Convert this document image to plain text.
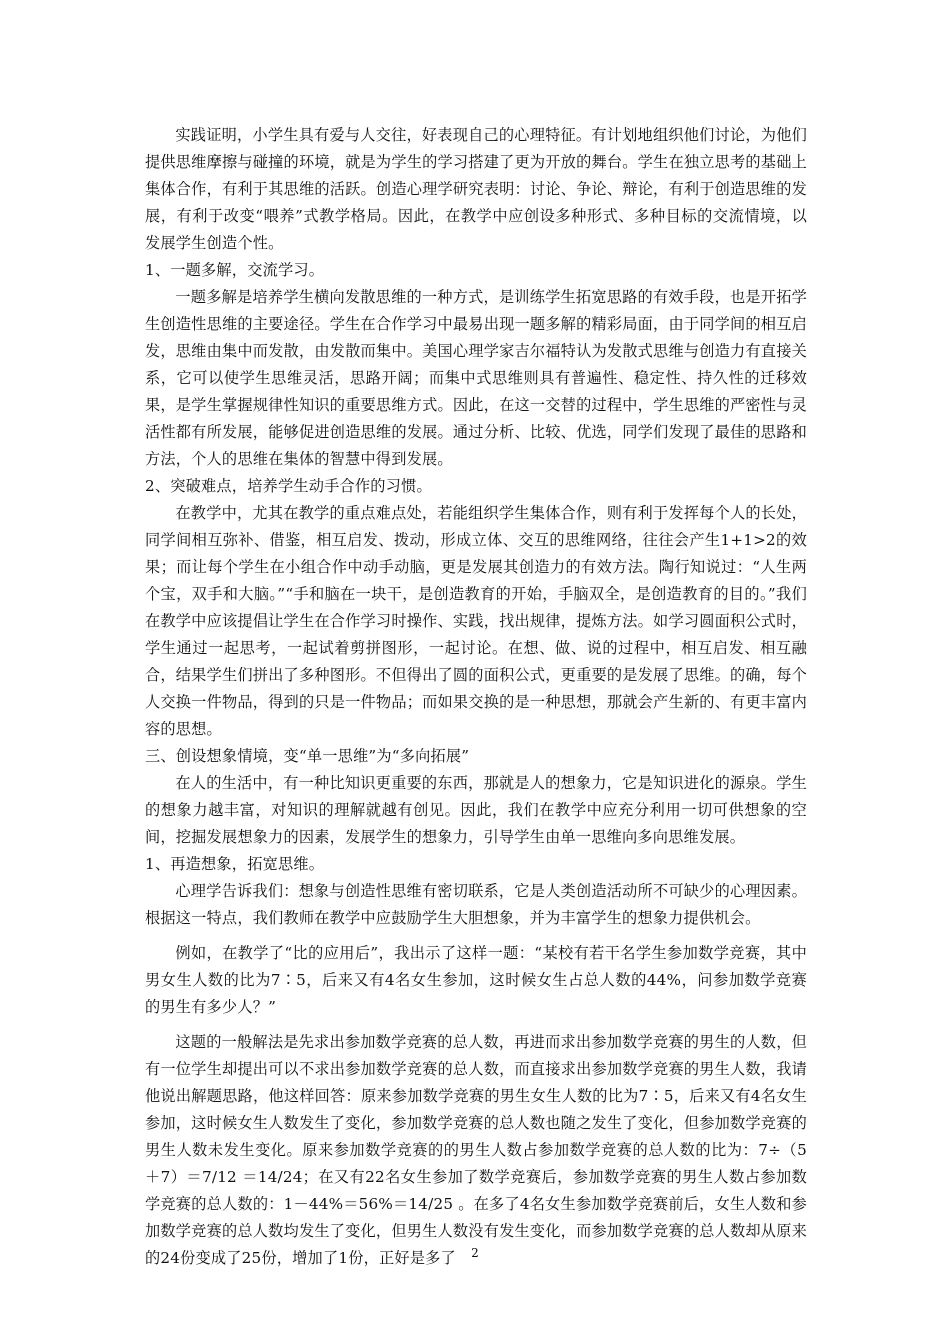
实践证明，小学生具有爱与人交往，好表现自己的心理特征。有计划地组织他们讨论，为他们提供思维摩擦与碰撞的环境，就是为学生的学习搭建了更为开放的舞台。学生在独立思考的基础上集体合作，有利于其思维的活跃。创造心理学研究表明：讨论、争论、辩论，有利于创造思维的发展，有利于改变“喂养”式教学格局。因此，在教学中应创设多种形式、多种目标的交流情境，以发展学生创造个性。

1、一题多解，交流学习。

一题多解是培养学生横向发散思维的一种方式，是训练学生拓宽思路的有效手段，也是开拓学生创造性思维的主要途径。学生在合作学习中最易出现一题多解的精彩局面，由于同学间的相互启发，思维由集中而发散，由发散而集中。美国心理学家吉尔福特认为发散式思维与创造力有直接关系，它可以使学生思维灵活，思路开阔；而集中式思维则具有普遍性、稳定性、持久性的迁移效果，是学生掌握规律性知识的重要思维方式。因此，在这一交替的过程中，学生思维的严密性与灵活性都有所发展，能够促进创造思维的发展。通过分析、比较、优选，同学们发现了最佳的思路和方法，个人的思维在集体的智慧中得到发展。

2、突破难点，培养学生动手合作的习惯。

在教学中，尤其在教学的重点难点处，若能组织学生集体合作，则有利于发挥每个人的长处，同学间相互弥补、借鉴，相互启发、拨动，形成立体、交互的思维网络，往往会产生1+1>2的效果；而让每个学生在小组合作中动手动脑，更是发展其创造力的有效方法。陶行知说过：“人生两个宝，双手和大脑。”“手和脑在一块干，是创造教育的开始，手脑双全，是创造教育的目的。”我们在教学中应该提倡让学生在合作学习时操作、实践，找出规律，提炼方法。如学习圆面积公式时，学生通过一起思考，一起试着剪拼图形，一起讨论。在想、做、说的过程中，相互启发、相互融合，结果学生们拼出了多种图形。不但得出了圆的面积公式，更重要的是发展了思维。的确，每个人交换一件物品，得到的只是一件物品；而如果交换的是一种思想，那就会产生新的、有更丰富内容的思想。

三、创设想象情境，变“单一思维”为“多向拓展”

在人的生活中，有一种比知识更重要的东西，那就是人的想象力，它是知识进化的源泉。学生的想象力越丰富，对知识的理解就越有创见。因此，我们在教学中应充分利用一切可供想象的空间，挖掘发展想象力的因素，发展学生的想象力，引导学生由单一思维向多向思维发展。

1、再造想象，拓宽思维。

心理学告诉我们：想象与创造性思维有密切联系，它是人类创造活动所不可缺少的心理因素。根据这一特点，我们教师在教学中应鼓励学生大胆想象，并为丰富学生的想象力提供机会。

例如，在教学了“比的应用后”，我出示了这样一题：“某校有若干名学生参加数学竞赛，其中男女生人数的比为7∶5，后来又有4名女生参加，这时候女生占总人数的44%，问参加数学竞赛的男生有多少人？”

这题的一般解法是先求出参加数学竞赛的总人数，再进而求出参加数学竞赛的男生的人数，但有一位学生却提出可以不求出参加数学竞赛的总人数，而直接求出参加数学竞赛的男生人数，我请他说出解题思路，他这样回答：原来参加数学竞赛的男生女生人数的比为7∶5，后来又有4名女生参加，这时候女生人数发生了变化，参加数学竞赛的总人数也随之发生了变化，但参加数学竞赛的男生人数未发生变化。原来参加数学竞赛的的男生人数占参加数学竞赛的总人数的比为：7÷（5＋7）＝7/12 ＝14/24；在又有22名女生参加了数学竞赛后，参加数学竞赛的男生人数占参加数学竞赛的总人数的：1－44%＝56%＝14/25 。在多了4名女生参加数学竞赛前后，女生人数和参加数学竞赛的总人数均发生了变化，但男生人数没有发生变化，而参加数学竞赛的总人数却从原来的24份变成了25份，增加了1份，正好是多了	2
